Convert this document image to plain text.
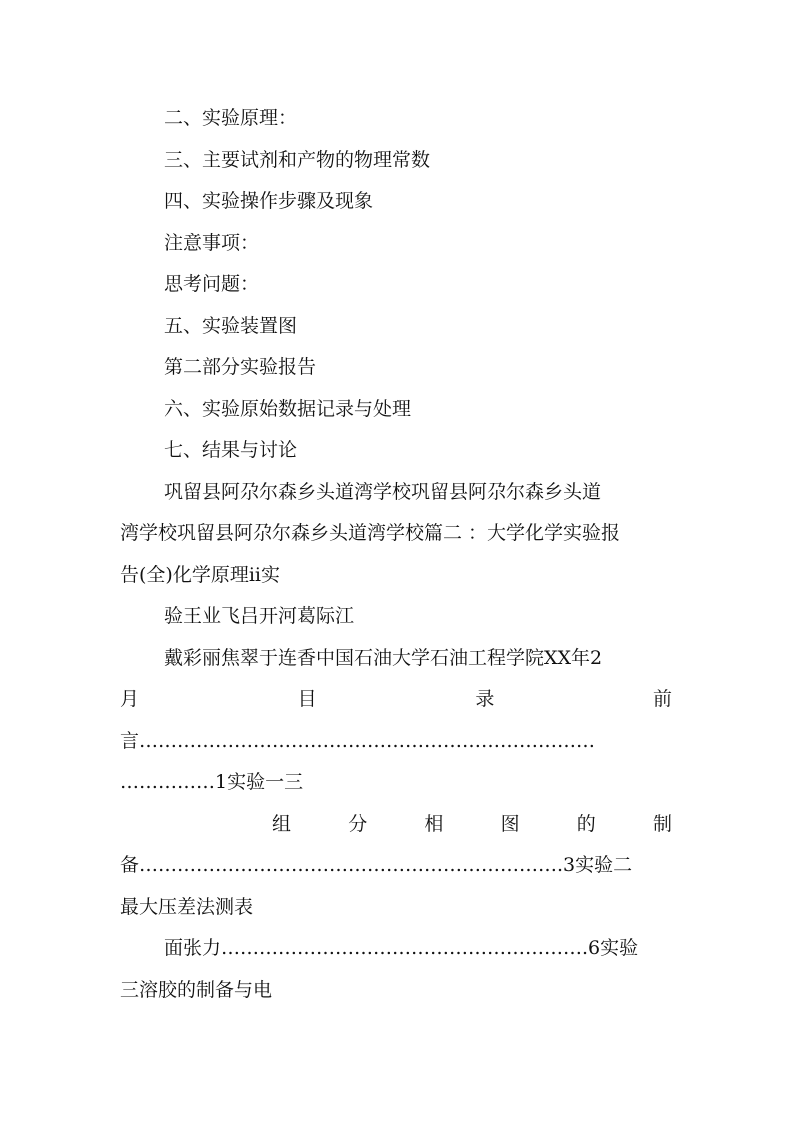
二、实验原理：
三、主要试剂和产物的物理常数
四、实验操作步骤及现象
注意事项：
思考问题：
五、实验装置图
第二部分实验报告
六、实验原始数据记录与处理
七、结果与讨论
巩留县阿尕尔森乡头道湾学校巩留县阿尕尔森乡头道
湾学校巩留县阿尕尔森乡头道湾学校篇二 ：大学化学实验报
告(全)化学原理ii实
验王业飞吕开河葛际江
戴彩丽焦翠于连香中国石油大学石油工程学院XX年2
月	目	录	前
言………………………………………………………………
……………1实验一三
组	分	相	图	的	制
备………………………………………………………….3实验二
最大压差法测表
面张力………………………………………………….6实验
三溶胶的制备与电
